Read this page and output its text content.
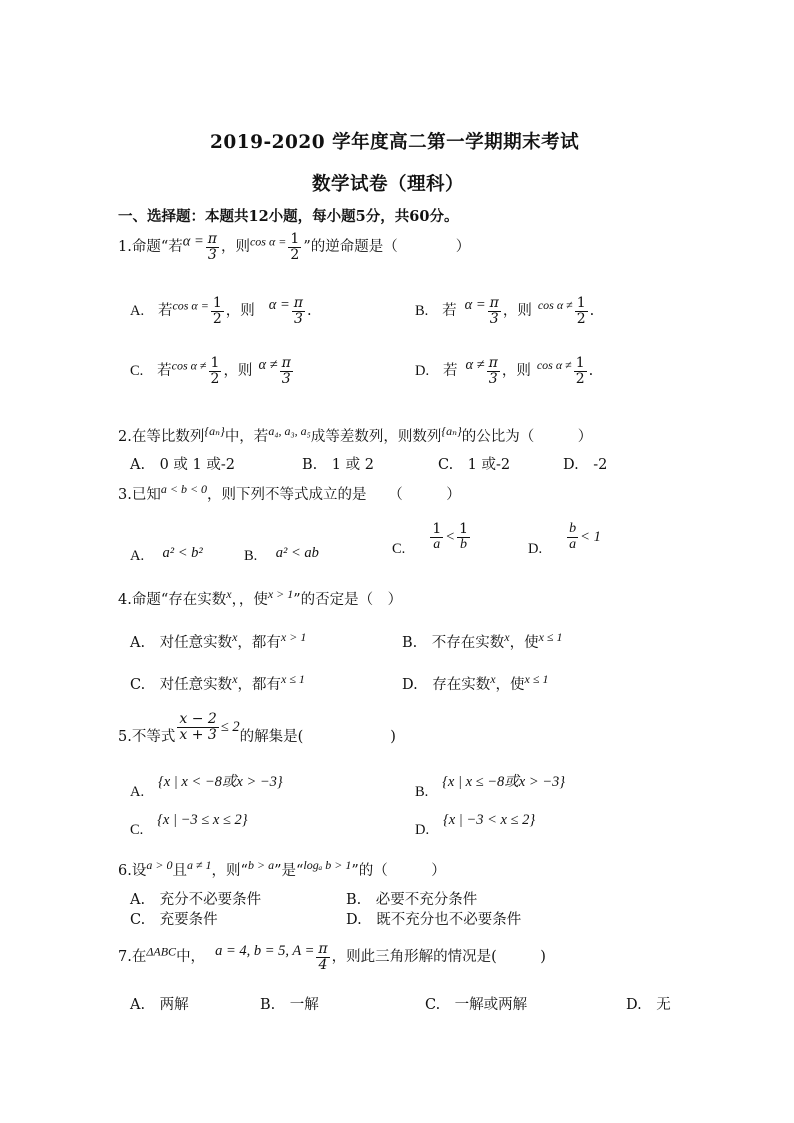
2019-2020 学年度高二第一学期期末考试
数学试卷（理科）
一、选择题：本题共12小题，每小题5分，共60分。
1.命题“若$\alpha = \frac{\pi}{3}$ ，则$^{cos \alpha =} \frac{1}{2}$ ”的逆命题是（　　　　）
A. 若$^{cos \alpha =} \frac{1}{2}$ ，则 $\alpha = \frac{\pi}{3}$ .	B. 若 $\alpha = \frac{\pi}{3}$ ，则 $^{cos \alpha \ne} \frac{1}{2}$ .
C. 若$^{cos \alpha \ne} \frac{1}{2}$ ，则 $\alpha \ne \frac{\pi}{3}$	D. 若 $\alpha \ne \frac{\pi}{3}$ ，则 $^{cos \alpha \ne} \frac{1}{2}$ .
2.在等比数列$^{\{a_n\}}$中，若$^{a_4, a_3, a_5}$成等差数列，则数列$^{\{a_n\}}$的公比为（　　　）
A.　0 或 1 或-2	B.　1 或 2	C.　1 或-2	D.　-2
3.已知$^{a < b < 0}$，则下列不等式成立的是　　（　　　）
A. a² < b²	B. a² < ab	C. $\frac{1}{a} < \frac{1}{b}$	D. $\frac{b}{a} < 1$
4.命题“存在实数$^x$，，使$^{x > 1}$”的否定是（　）
A.　对任意实数$^x$，都有$^{x > 1}$	B.　不存在实数$^x$，使$^{x \le 1}$
C.　对任意实数$^x$，都有$^{x \le 1}$	D.　存在实数$^x$，使$^{x \le 1}$
5.不等式 $\frac{x - 2}{x + 3} \le 2$的解集是(　　　　　　)
A.   {x | x < −8或x > −3}
B.   {x | x ≤ −8或x > −3}
C.   {x | −3 ≤ x ≤ 2}
D.   {x | −3 < x ≤ 2}
6.设$^{a > 0}$且$^{a \ne 1}$，则“$^{b > a}$”是“$^{log_a b > 1}$”的（　　　）
A.　充分不必要条件	B.　必要不充分条件
C.　充要条件	D.　既不充分也不必要条件
7.在$^{\Delta ABC}$中， a = 4, b = 5, $A = \frac{\pi}{4}$ ，则此三角形解的情况是(　　　)
A.　两解	B.　一解	C.　一解或两解	D.　无
